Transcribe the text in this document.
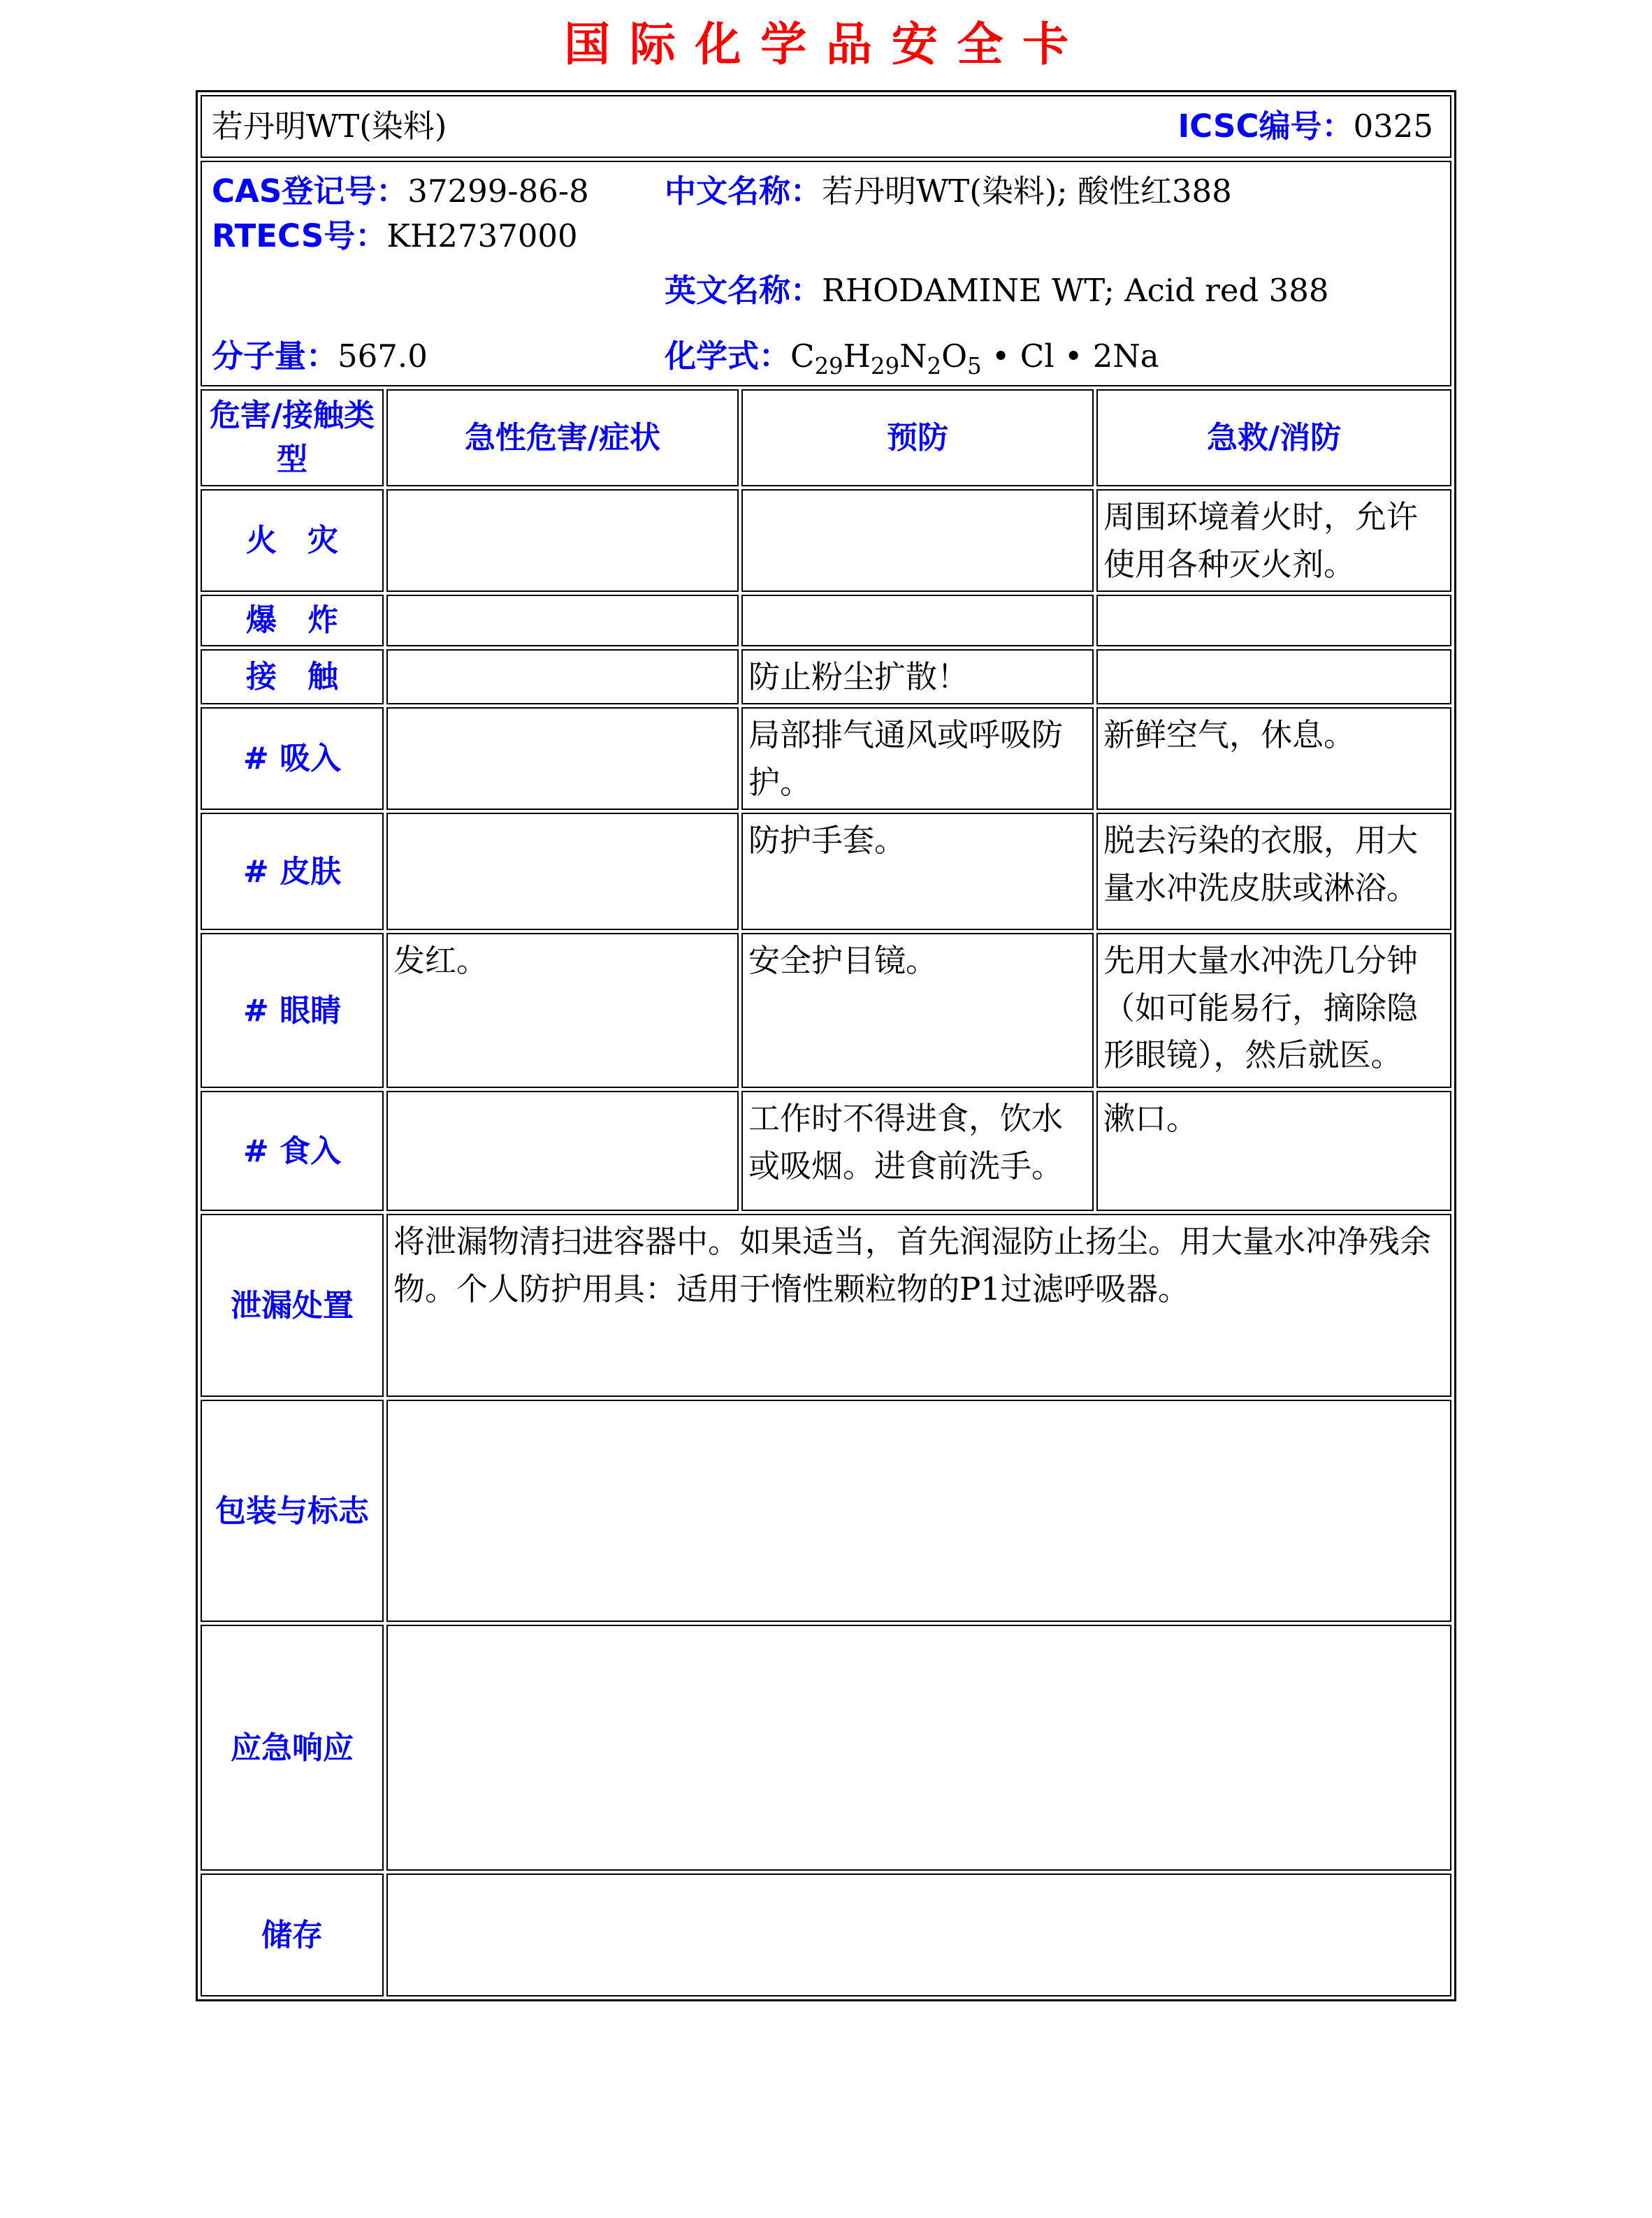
国际化学品安全卡
若丹明WT(染料) ICSC编号：0325			

CAS登记号：37299-86-8	中文名称：若丹明WT(染料); 酸性红388
RTECS号：KH2737000
英文名称：RHODAMINE WT; Acid red 388
分子量：567.0	化学式：$C_{29}H_{29}N_2O_5$ • Cl • 2Na

危害/接触类型	急性危害/症状	预防	急救/消防
火　灾			周围环境着火时，允许使用各种灭火剂。
爆　炸			
接　触		防止粉尘扩散！	
# 吸入		局部排气通风或呼吸防护。	新鲜空气，休息。
# 皮肤		防护手套。	脱去污染的衣服，用大量水冲洗皮肤或淋浴。
# 眼睛	发红。	安全护目镜。	先用大量水冲洗几分钟（如可能易行，摘除隐形眼镜），然后就医。
# 食入		工作时不得进食，饮水或吸烟。进食前洗手。	漱口。
泄漏处置	将泄漏物清扫进容器中。如果适当，首先润湿防止扬尘。用大量水冲净残余物。个人防护用具：适用于惰性颗粒物的P1过滤呼吸器。		
包装与标志			
应急响应			
储存			
